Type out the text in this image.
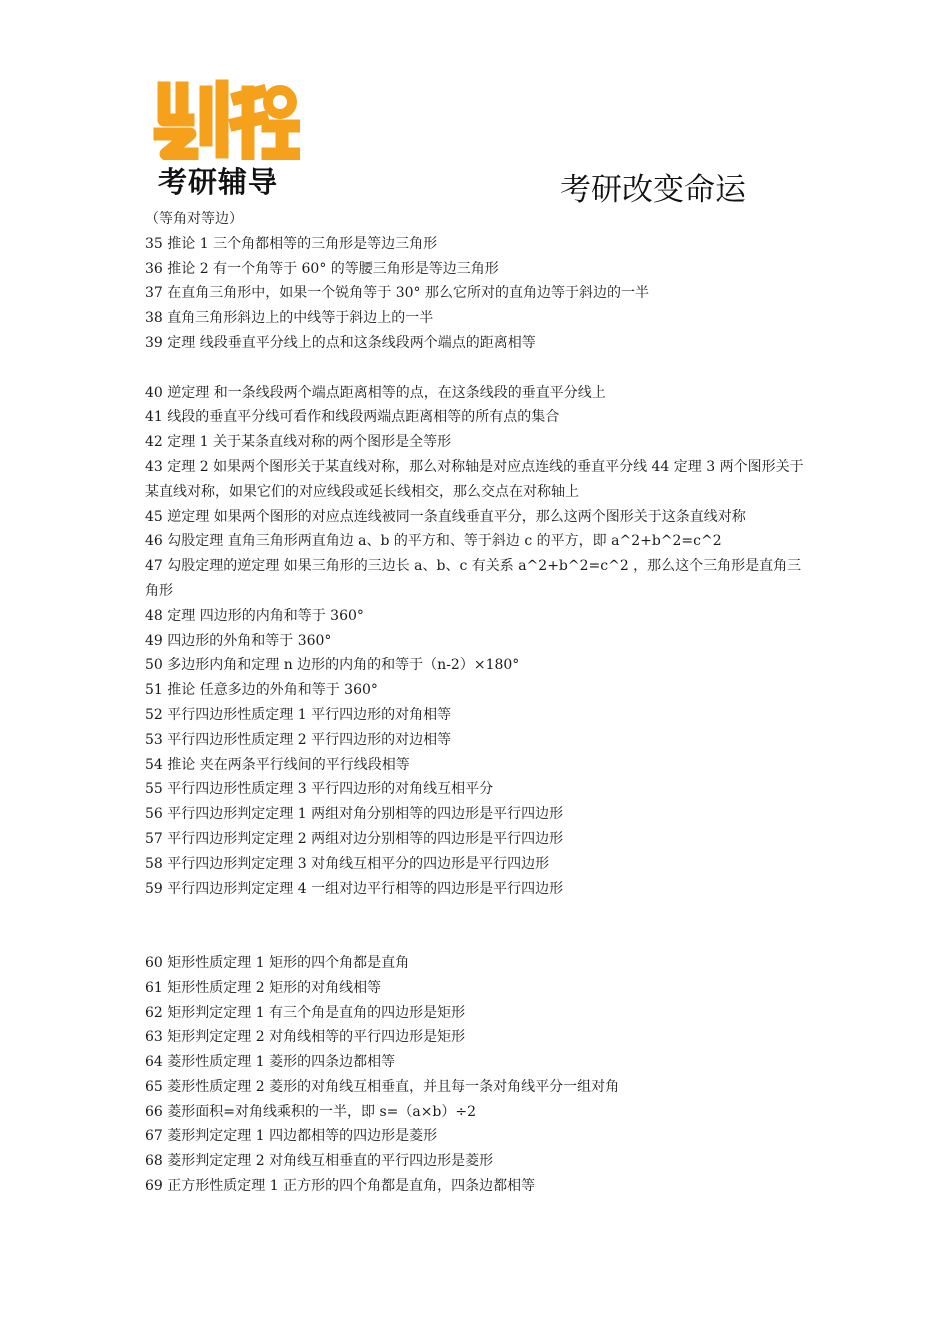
考研辅导	考研改变命运
（等角对等边）
35 推论 1 三个角都相等的三角形是等边三角形
36 推论 2 有一个角等于 60° 的等腰三角形是等边三角形
37 在直角三角形中，如果一个锐角等于 30° 那么它所对的直角边等于斜边的一半
38 直角三角形斜边上的中线等于斜边上的一半
39 定理 线段垂直平分线上的点和这条线段两个端点的距离相等
40 逆定理 和一条线段两个端点距离相等的点，在这条线段的垂直平分线上
41 线段的垂直平分线可看作和线段两端点距离相等的所有点的集合
42 定理 1 关于某条直线对称的两个图形是全等形
43 定理 2 如果两个图形关于某直线对称，那么对称轴是对应点连线的垂直平分线 44 定理 3 两个图形关于某直线对称，如果它们的对应线段或延长线相交，那么交点在对称轴上
45 逆定理 如果两个图形的对应点连线被同一条直线垂直平分，那么这两个图形关于这条直线对称
46 勾股定理 直角三角形两直角边 a、b 的平方和、等于斜边 c 的平方，即 a^2+b^2=c^2
47 勾股定理的逆定理 如果三角形的三边长 a、b、c 有关系 a^2+b^2=c^2 ，那么这个三角形是直角三角形
48 定理 四边形的内角和等于 360°
49 四边形的外角和等于 360°
50 多边形内角和定理 n 边形的内角的和等于（n-2）×180°
51 推论 任意多边的外角和等于 360°
52 平行四边形性质定理 1 平行四边形的对角相等
53 平行四边形性质定理 2 平行四边形的对边相等
54 推论 夹在两条平行线间的平行线段相等
55 平行四边形性质定理 3 平行四边形的对角线互相平分
56 平行四边形判定定理 1 两组对角分别相等的四边形是平行四边形
57 平行四边形判定定理 2 两组对边分别相等的四边形是平行四边形
58 平行四边形判定定理 3 对角线互相平分的四边形是平行四边形
59 平行四边形判定定理 4 一组对边平行相等的四边形是平行四边形
60 矩形性质定理 1 矩形的四个角都是直角
61 矩形性质定理 2 矩形的对角线相等
62 矩形判定定理 1 有三个角是直角的四边形是矩形
63 矩形判定定理 2 对角线相等的平行四边形是矩形
64 菱形性质定理 1 菱形的四条边都相等
65 菱形性质定理 2 菱形的对角线互相垂直，并且每一条对角线平分一组对角
66 菱形面积=对角线乘积的一半，即 s=（a×b）÷2
67 菱形判定定理 1 四边都相等的四边形是菱形
68 菱形判定定理 2 对角线互相垂直的平行四边形是菱形
69 正方形性质定理 1 正方形的四个角都是直角，四条边都相等
